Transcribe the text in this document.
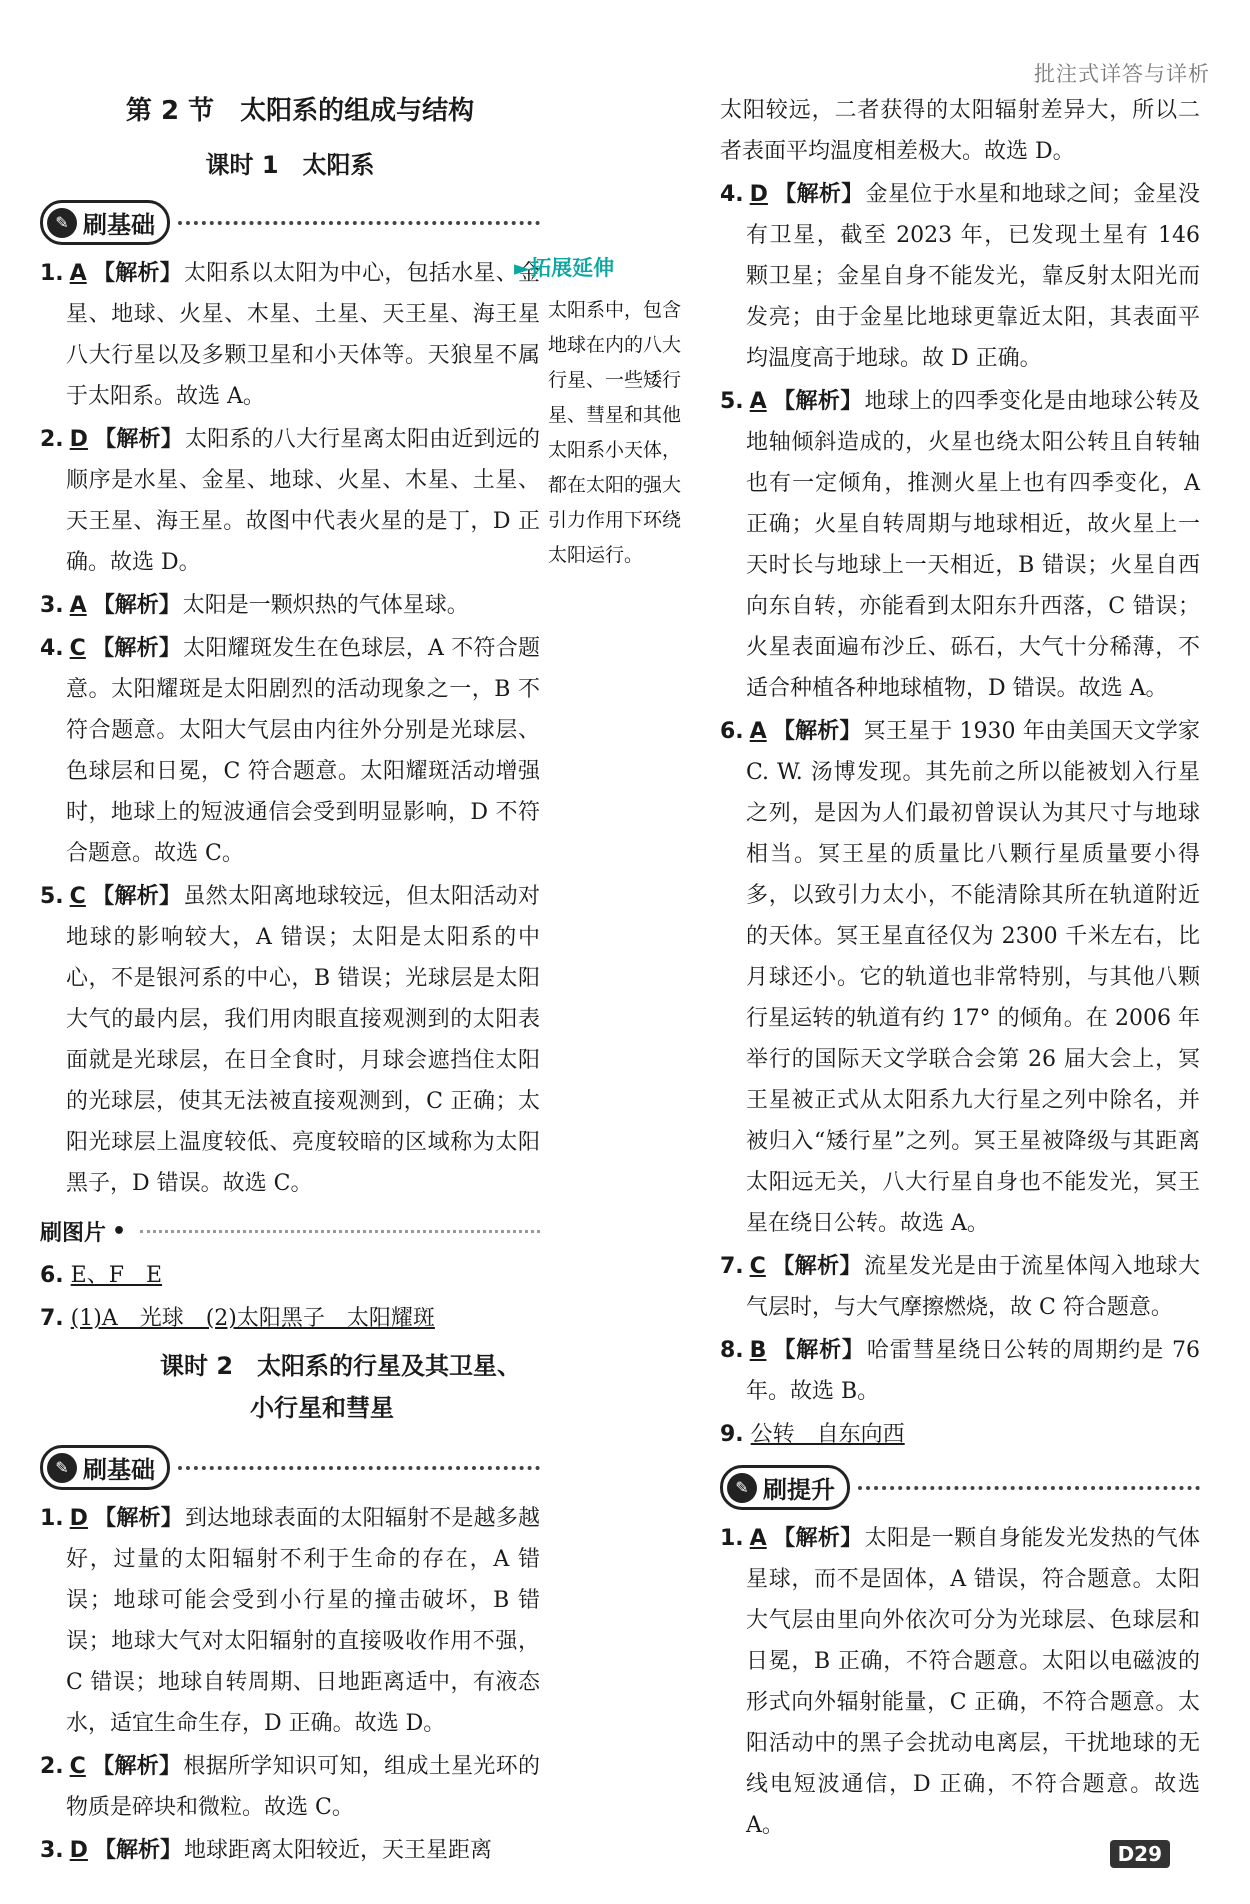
批注式详答与详析
第 2 节　太阳系的组成与结构
课时 1　太阳系
✎ 刷基础
1. A 【解析】太阳系以太阳为中心，包括水星、金星、地球、火星、木星、土星、天王星、海王星八大行星以及多颗卫星和小天体等。天狼星不属于太阳系。故选 A。
2. D 【解析】太阳系的八大行星离太阳由近到远的顺序是水星、金星、地球、火星、木星、土星、天王星、海王星。故图中代表火星的是丁，D 正确。故选 D。
3. A 【解析】太阳是一颗炽热的气体星球。
4. C 【解析】太阳耀斑发生在色球层，A 不符合题意。太阳耀斑是太阳剧烈的活动现象之一，B 不符合题意。太阳大气层由内往外分别是光球层、色球层和日冕，C 符合题意。太阳耀斑活动增强时，地球上的短波通信会受到明显影响，D 不符合题意。故选 C。
5. C 【解析】虽然太阳离地球较远，但太阳活动对地球的影响较大，A 错误；太阳是太阳系的中心，不是银河系的中心，B 错误；光球层是太阳大气的最内层，我们用肉眼直接观测到的太阳表面就是光球层，在日全食时，月球会遮挡住太阳的光球层，使其无法被直接观测到，C 正确；太阳光球层上温度较低、亮度较暗的区域称为太阳黑子，D 错误。故选 C。
刷图片 •
6. E、F　E
7. (1)A　光球　(2)太阳黑子　太阳耀斑
课时 2　太阳系的行星及其卫星、
小行星和彗星
✎ 刷基础
1. D 【解析】到达地球表面的太阳辐射不是越多越好，过量的太阳辐射不利于生命的存在，A 错误；地球可能会受到小行星的撞击破坏，B 错误；地球大气对太阳辐射的直接吸收作用不强，C 错误；地球自转周期、日地距离适中，有液态水，适宜生命生存，D 正确。故选 D。
2. C 【解析】根据所学知识可知，组成土星光环的物质是碎块和微粒。故选 C。
3. D 【解析】地球距离太阳较近，天王星距离
►拓展延伸
太阳系中，包含地球在内的八大行星、一些矮行星、彗星和其他太阳系小天体，都在太阳的强大引力作用下环绕太阳运行。
太阳较远，二者获得的太阳辐射差异大，所以二者表面平均温度相差极大。故选 D。
4. D 【解析】金星位于水星和地球之间；金星没有卫星，截至 2023 年，已发现土星有 146 颗卫星；金星自身不能发光，靠反射太阳光而发亮；由于金星比地球更靠近太阳，其表面平均温度高于地球。故 D 正确。
5. A 【解析】地球上的四季变化是由地球公转及地轴倾斜造成的，火星也绕太阳公转且自转轴也有一定倾角，推测火星上也有四季变化，A 正确；火星自转周期与地球相近，故火星上一天时长与地球上一天相近，B 错误；火星自西向东自转，亦能看到太阳东升西落，C 错误；火星表面遍布沙丘、砾石，大气十分稀薄，不适合种植各种地球植物，D 错误。故选 A。
6. A 【解析】冥王星于 1930 年由美国天文学家 C. W. 汤博发现。其先前之所以能被划入行星之列，是因为人们最初曾误认为其尺寸与地球相当。冥王星的质量比八颗行星质量要小得多，以致引力太小，不能清除其所在轨道附近的天体。冥王星直径仅为 2300 千米左右，比月球还小。它的轨道也非常特别，与其他八颗行星运转的轨道有约 17° 的倾角。在 2006 年举行的国际天文学联合会第 26 届大会上，冥王星被正式从太阳系九大行星之列中除名，并被归入“矮行星”之列。冥王星被降级与其距离太阳远无关，八大行星自身也不能发光，冥王星在绕日公转。故选 A。
7. C 【解析】流星发光是由于流星体闯入地球大气层时，与大气摩擦燃烧，故 C 符合题意。
8. B 【解析】哈雷彗星绕日公转的周期约是 76 年。故选 B。
9. 公转　自东向西
✎ 刷提升
1. A 【解析】太阳是一颗自身能发光发热的气体星球，而不是固体，A 错误，符合题意。太阳大气层由里向外依次可分为光球层、色球层和日冕，B 正确，不符合题意。太阳以电磁波的形式向外辐射能量，C 正确，不符合题意。太阳活动中的黑子会扰动电离层，干扰地球的无线电短波通信，D 正确，不符合题意。故选 A。
D29
